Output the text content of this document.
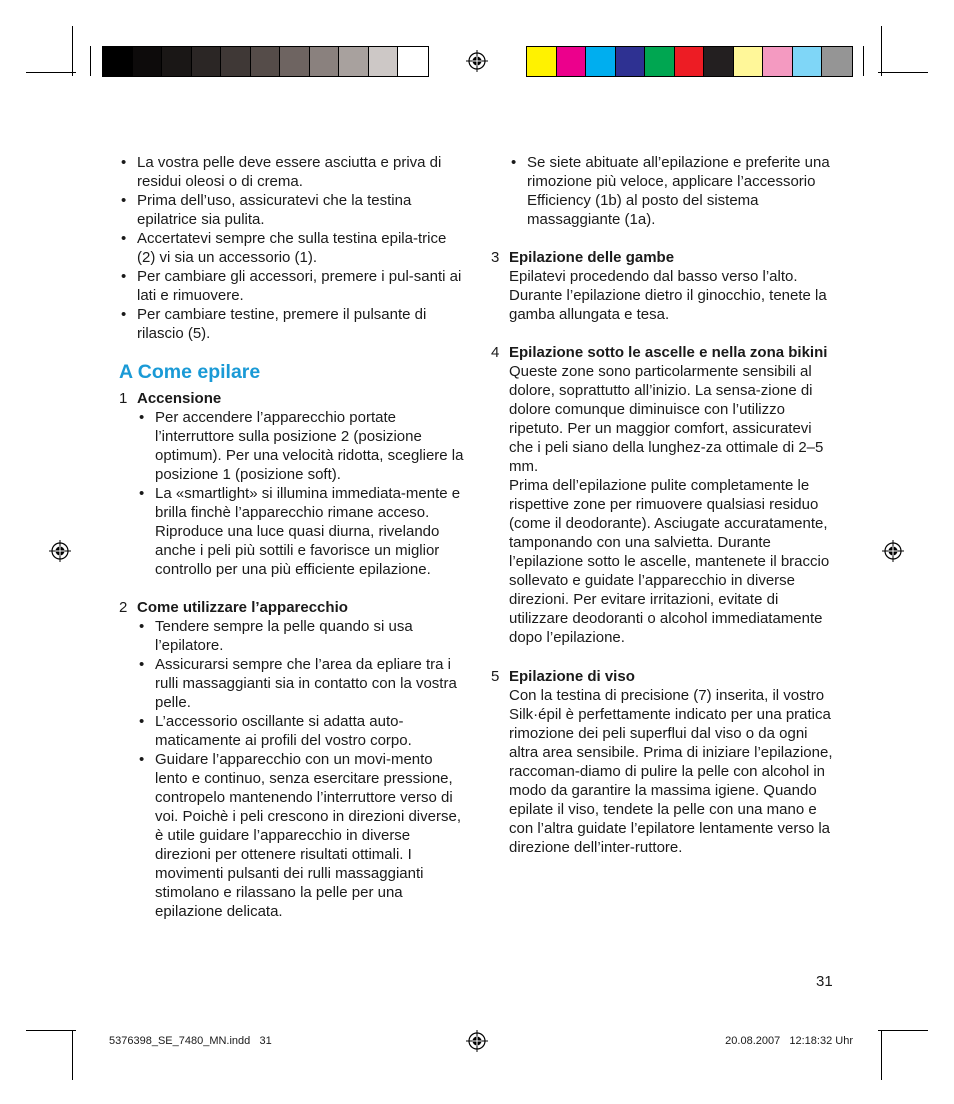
• La vostra pelle deve essere asciutta e priva di residui oleosi o di crema.
• Prima dell’uso, assicuratevi che la testina epilatrice sia pulita.
• Accertatevi sempre che sulla testina epila-trice (2) vi sia un accessorio (1).
• Per cambiare gli accessori, premere i pul-santi ai lati e rimuovere.
• Per cambiare testine, premere il pulsante di rilascio (5).
A Come epilare
1 Accensione
• Per accendere l’apparecchio portate l’interruttore sulla posizione 2 (posizione optimum). Per una velocità ridotta, scegliere la posizione 1 (posizione soft).
• La «smartlight» si illumina immediata-mente e brilla finchè l’apparecchio rimane acceso. Riproduce una luce quasi diurna, rivelando anche i peli più sottili e favorisce un miglior controllo per una più efficiente epilazione.
2 Come utilizzare l’apparecchio
• Tendere sempre la pelle quando si usa l’epilatore.
• Assicurarsi sempre che l’area da epliare tra i rulli massaggianti sia in contatto con la vostra pelle.
• L’accessorio oscillante si adatta auto-maticamente ai profili del vostro corpo.
• Guidare l’apparecchio con un movi-mento lento e continuo, senza esercitare pressione, contropelo mantenendo l’interruttore verso di voi. Poichè i peli crescono in direzioni diverse, è utile guidare l’apparecchio in diverse direzioni per ottenere risultati ottimali. I movimenti pulsanti dei rulli massaggianti stimolano e rilassano la pelle per una epilazione delicata.
• Se siete abituate all’epilazione e preferite una rimozione più veloce, applicare l’accessorio Efficiency (1b) al posto del sistema massaggiante (1a).
3 Epilazione delle gambe
Epilatevi procedendo dal basso verso l’alto. Durante l’epilazione dietro il ginocchio, tenete la gamba allungata e tesa.
4 Epilazione sotto le ascelle e nella zona bikini
Queste zone sono particolarmente sensibili al dolore, soprattutto all’inizio. La sensa-zione di dolore comunque diminuisce con l’utilizzo ripetuto. Per un maggior comfort, assicuratevi che i peli siano della lunghez-za ottimale di 2–5 mm.
Prima dell’epilazione pulite completamente le rispettive zone per rimuovere qualsiasi residuo (come il deodorante). Asciugate accuratamente, tamponando con una salvietta. Durante l’epilazione sotto le ascelle, mantenete il braccio sollevato e guidate l’apparecchio in diverse direzioni. Per evitare irritazioni, evitate di utilizzare deodoranti o alcohol immediatamente dopo l’epilazione.
5 Epilazione di viso
Con la testina di precisione (7) inserita, il vostro Silk·épil è perfettamente indicato per una pratica rimozione dei peli superflui dal viso o da ogni altra area sensibile. Prima di iniziare l’epilazione, raccoman-diamo di pulire la pelle con alcohol in modo da garantire la massima igiene. Quando epilate il viso, tendete la pelle con una mano e con l’altra guidate l’epilatore lentamente verso la direzione dell’inter-ruttore.
31
5376398_SE_7480_MN.indd   31	20.08.2007   12:18:32 Uhr
